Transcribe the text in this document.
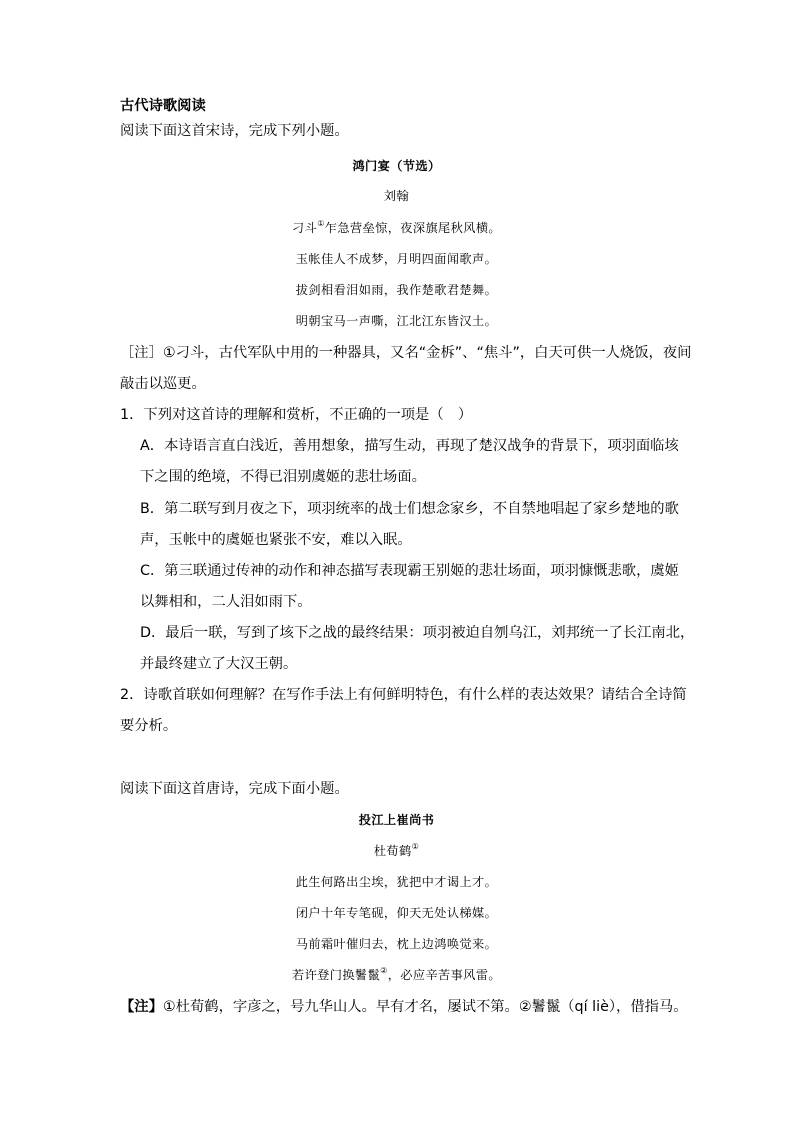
古代诗歌阅读
阅读下面这首宋诗，完成下列小题。
鸿门宴（节选）
刘翰
刁斗①乍急营垒惊，夜深旗尾秋风横。
玉帐佳人不成梦，月明四面闻歌声。
拔剑相看泪如雨，我作楚歌君楚舞。
明朝宝马一声嘶，江北江东皆汉土。
［注］①刁斗，古代军队中用的一种器具，又名“金柝”、“焦斗”，白天可供一人烧饭，夜间
敲击以巡更。
1．下列对这首诗的理解和赏析，不正确的一项是（　）
A．本诗语言直白浅近，善用想象，描写生动，再现了楚汉战争的背景下，项羽面临垓
下之围的绝境，不得已泪别虞姬的悲壮场面。
B．第二联写到月夜之下，项羽统率的战士们想念家乡，不自禁地唱起了家乡楚地的歌
声，玉帐中的虞姬也紧张不安，难以入眠。
C．第三联通过传神的动作和神态描写表现霸王别姬的悲壮场面，项羽慷慨悲歌，虞姬
以舞相和，二人泪如雨下。
D．最后一联，写到了垓下之战的最终结果：项羽被迫自刎乌江，刘邦统一了长江南北，
并最终建立了大汉王朝。
2．诗歌首联如何理解？在写作手法上有何鲜明特色，有什么样的表达效果？请结合全诗简
要分析。
阅读下面这首唐诗，完成下面小题。
投江上崔尚书
杜荀鹤①
此生何路出尘埃，犹把中才谒上才。
闭户十年专笔砚，仰天无处认梯媒。
马前霜叶催归去，枕上边鸿唤觉来。
若许登门换鬐鬣②，必应辛苦事风雷。
【注】①杜荀鹤，字彦之，号九华山人。早有才名，屡试不第。②鬐鬣（qí liè），借指马。
